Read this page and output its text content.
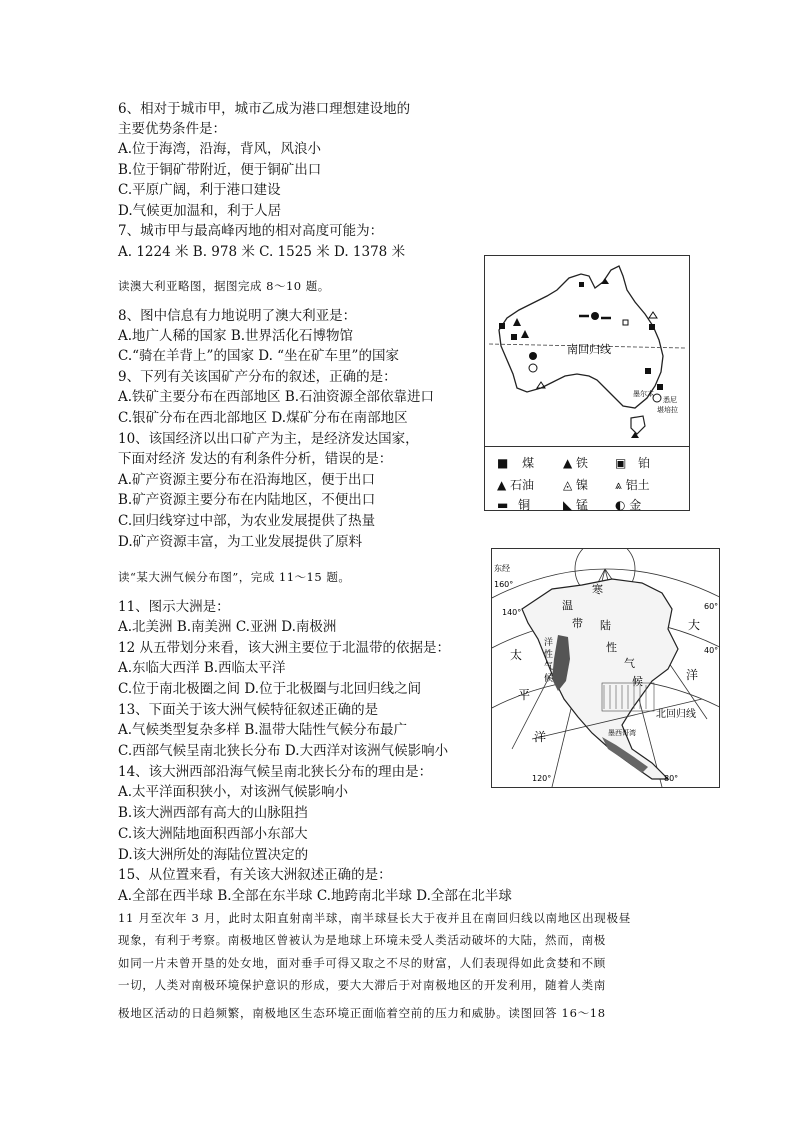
6、相对于城市甲，城市乙成为港口理想建设地的
主要优势条件是：
A.位于海湾，沿海，背风，风浪小
B.位于铜矿带附近，便于铜矿出口
C.平原广阔，利于港口建设
D.气候更加温和，利于人居
7、城市甲与最高峰丙地的相对高度可能为：
A. 1224 米 B. 978 米 C. 1525 米 D. 1378 米
读澳大利亚略图，据图完成 8～10 题。
8、图中信息有力地说明了澳大利亚是：
A.地广人稀的国家 B.世界活化石博物馆
C.“骑在羊背上”的国家 D. “坐在矿车里”的国家
9、下列有关该国矿产分布的叙述，正确的是：
A.铁矿主要分布在西部地区 B.石油资源全部依靠进口
C.银矿分布在西北部地区 D.煤矿分布在南部地区
10、该国经济以出口矿产为主，是经济发达国家，
下面对经济 发达的有利条件分析，错误的是：
A.矿产资源主要分布在沿海地区，便于出口
B.矿产资源主要分布在内陆地区，不便出口
C.回归线穿过中部，为农业发展提供了热量
D.矿产资源丰富，为工业发展提供了原料
读“某大洲气候分布图”，完成 11～15 题。
11、图示大洲是：
A.北美洲 B.南美洲 C.亚洲 D.南极洲
12 从五带划分来看，该大洲主要位于北温带的依据是：
A.东临大西洋 B.西临太平洋
C.位于南北极圈之间 D.位于北极圈与北回归线之间
13、下面关于该大洲气候特征叙述正确的是
A.气候类型复杂多样 B.温带大陆性气候分布最广
C.西部气候呈南北狭长分布 D.大西洋对该洲气候影响小
14、该大洲西部沿海气候呈南北狭长分布的理由是：
A.太平洋面积狭小，对该洲气候影响小
B.该大洲西部有高大的山脉阻挡
C.该大洲陆地面积西部小东部大
D.该大洲所处的海陆位置决定的
15、从位置来看，有关该大洲叙述正确的是：
A.全部在西半球 B.全部在东半球 C.地跨南北半球 D.全部在北半球
11 月至次年 3 月，此时太阳直射南半球，南半球昼长大于夜并且在南回归线以南地区出现极昼
现象，有利于考察。南极地区曾被认为是地球上环境未受人类活动破坏的大陆，然而，南极
如同一片未曾开垦的处女地，面对垂手可得又取之不尽的财富，人们表现得如此贪婪和不顾
一切，人类对南极环境保护意识的形成，要大大滞后于对南极地区的开发利用，随着人类南
极地区活动的日趋频繁，南极地区生态环境正面临着空前的压力和威胁。读图回答 16～18
南回归线
墨尔本
悉尼
堪培拉
■ 煤 ▲ 铁 ▣ 铂
▲ 石油 ◬ 镍 ⩓ 铝土
▬ 铜	◣ 锰 ◐ 金
北回归线
墨西哥湾
东经
160°
140°
120°	80°
60°
40°
太
平
洋
大
洋
温
带 陆
性
气
候
洋
性
气
候
寒
